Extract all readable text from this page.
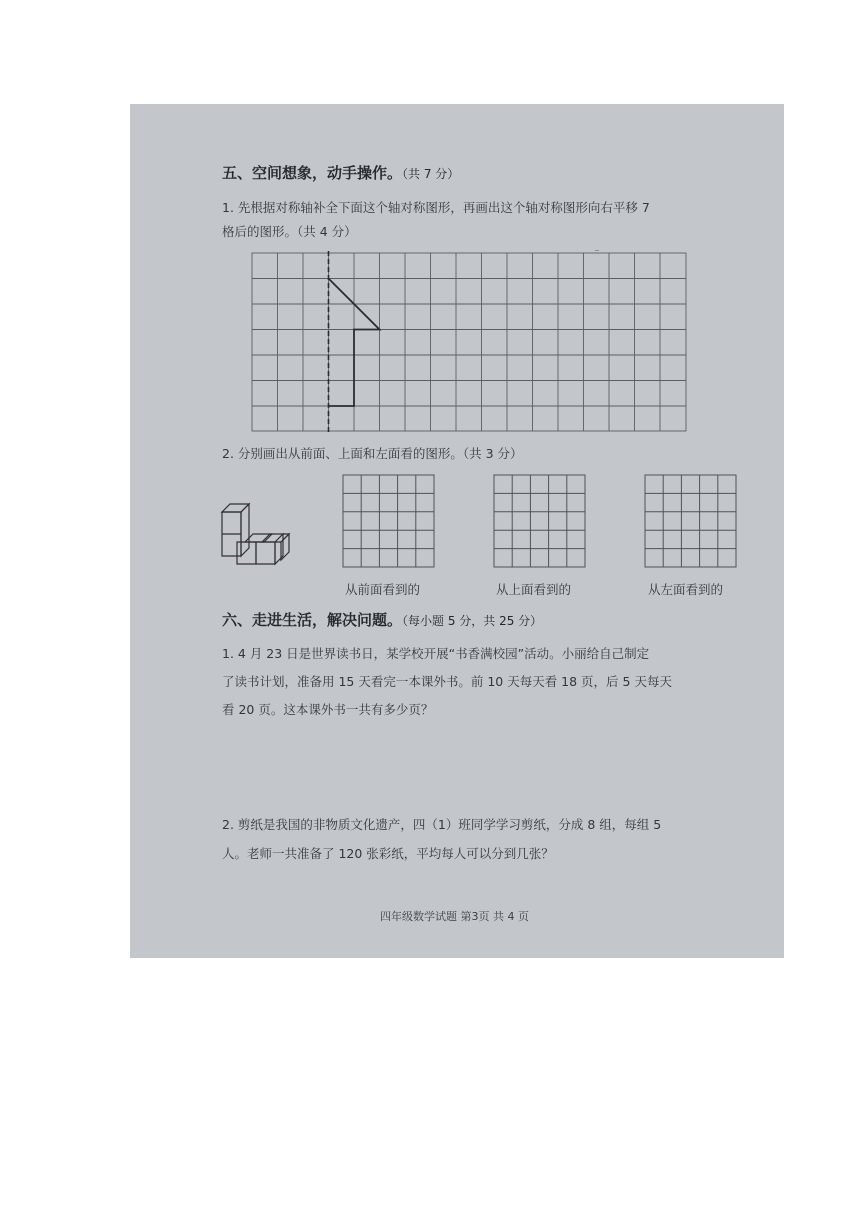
五、空间想象，动手操作。（共 7 分）
1. 先根据对称轴补全下面这个轴对称图形，再画出这个轴对称图形向右平移 7
格后的图形。（共 4 分）
2. 分别画出从前面、上面和左面看的图形。（共 3 分）
从前面看到的	从上面看到的	从左面看到的
六、走进生活，解决问题。（每小题 5 分，共 25 分）
1. 4 月 23 日是世界读书日，某学校开展“书香满校园”活动。小丽给自己制定
了读书计划，准备用 15 天看完一本课外书。前 10 天每天看 18 页，后 5 天每天
看 20 页。这本课外书一共有多少页？
2. 剪纸是我国的非物质文化遗产，四（1）班同学学习剪纸，分成 8 组，每组 5
人。老师一共准备了 120 张彩纸，平均每人可以分到几张？
四年级数学试题 第3页 共 4 页
